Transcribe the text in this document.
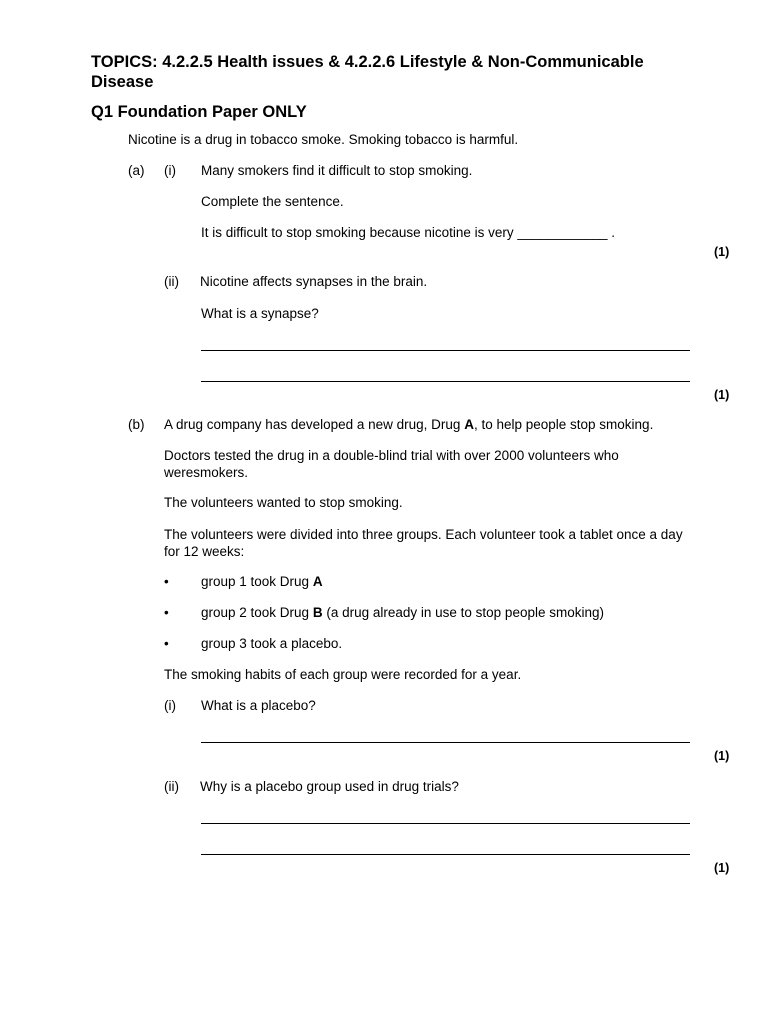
TOPICS: 4.2.2.5 Health issues & 4.2.2.6 Lifestyle & Non-Communicable Disease
Q1 Foundation Paper ONLY
Nicotine is a drug in tobacco smoke. Smoking tobacco is harmful.
(a) (i) Many smokers find it difficult to stop smoking.
Complete the sentence.
It is difficult to stop smoking because nicotine is very ____________ .
(1)
(ii) Nicotine affects synapses in the brain.
What is a synapse?
(1)
(b) A drug company has developed a new drug, Drug A, to help people stop smoking.
Doctors tested the drug in a double-blind trial with over 2000 volunteers who weresmokers.
The volunteers wanted to stop smoking.
The volunteers were divided into three groups. Each volunteer took a tablet once a day for 12 weeks:
• group 1 took Drug A
• group 2 took Drug B (a drug already in use to stop people smoking)
• group 3 took a placebo.
The smoking habits of each group were recorded for a year.
(i) What is a placebo?
(1)
(ii) Why is a placebo group used in drug trials?
(1)
